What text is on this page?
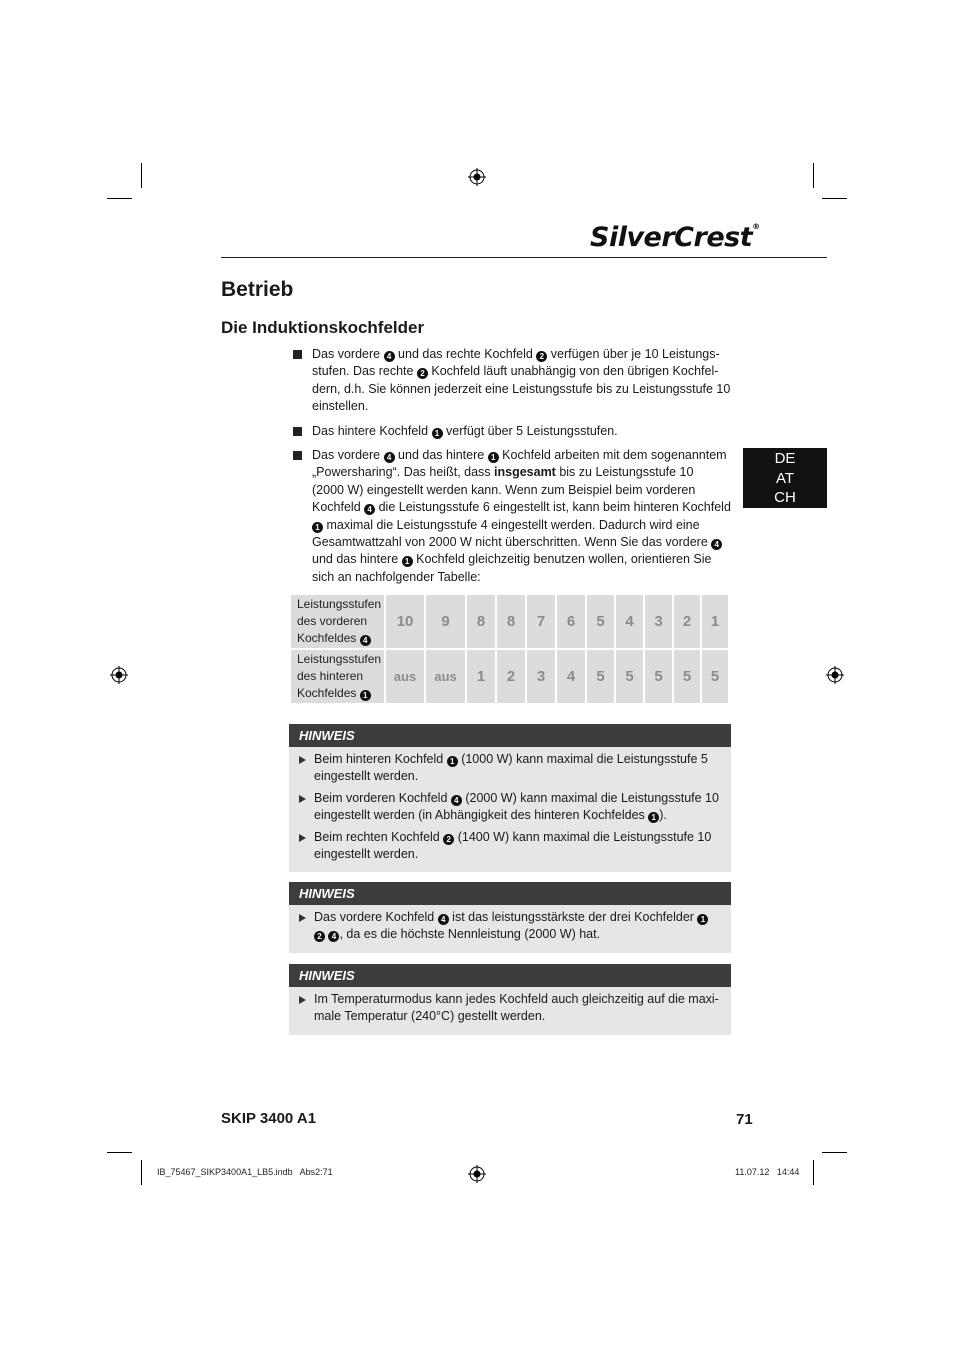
SilverCrest®
Betrieb
Die Induktionskochfelder
Das vordere 4 und das rechte Kochfeld 2 verfügen über je 10 Leistungs-
stufen. Das rechte 2 Kochfeld läuft unabhängig von den übrigen Kochfel-
dern, d.h. Sie können jederzeit eine Leistungsstufe bis zu Leistungsstufe 10
einstellen.
Das hintere Kochfeld 1 verfügt über 5 Leistungsstufen.
Das vordere 4 und das hintere 1 Kochfeld arbeiten mit dem sogenanntem
„Powersharing“. Das heißt, dass insgesamt bis zu Leistungsstufe 10
(2000 W) eingestellt werden kann. Wenn zum Beispiel beim vorderen
Kochfeld 4 die Leistungsstufe 6 eingestellt ist, kann beim hinteren Kochfeld
1 maximal die Leistungsstufe 4 eingestellt werden. Dadurch wird eine
Gesamtwattzahl von 2000 W nicht überschritten. Wenn Sie das vordere 4
und das hintere 1 Kochfeld gleichzeitig benutzen wollen, orientieren Sie
sich an nachfolgender Tabelle:
DE
AT
CH
Leistungsstufen
des vorderen
Kochfeldes 4	10	9	8	8	7	6	5	4	3	2	1
Leistungsstufen
des hinteren
Kochfeldes 1	aus	aus	1	2	3	4	5	5	5	5	5
HINWEIS
Beim hinteren Kochfeld 1 (1000 W) kann maximal die Leistungsstufe 5
eingestellt werden.
Beim vorderen Kochfeld 4 (2000 W) kann maximal die Leistungsstufe 10
eingestellt werden (in Abhängigkeit des hinteren Kochfeldes 1 ).
Beim rechten Kochfeld 2 (1400 W) kann maximal die Leistungsstufe 10
eingestellt werden.
HINWEIS
Das vordere Kochfeld 4 ist das leistungsstärkste der drei Kochfelder 1
2 4 , da es die höchste Nennleistung (2000 W) hat.
HINWEIS
Im Temperaturmodus kann jedes Kochfeld auch gleichzeitig auf die maxi-
male Temperatur (240°C) gestellt werden.
SKIP 3400 A1	71
IB_75467_SIKP3400A1_LB5.indb   Abs2:71	11.07.12   14:44
